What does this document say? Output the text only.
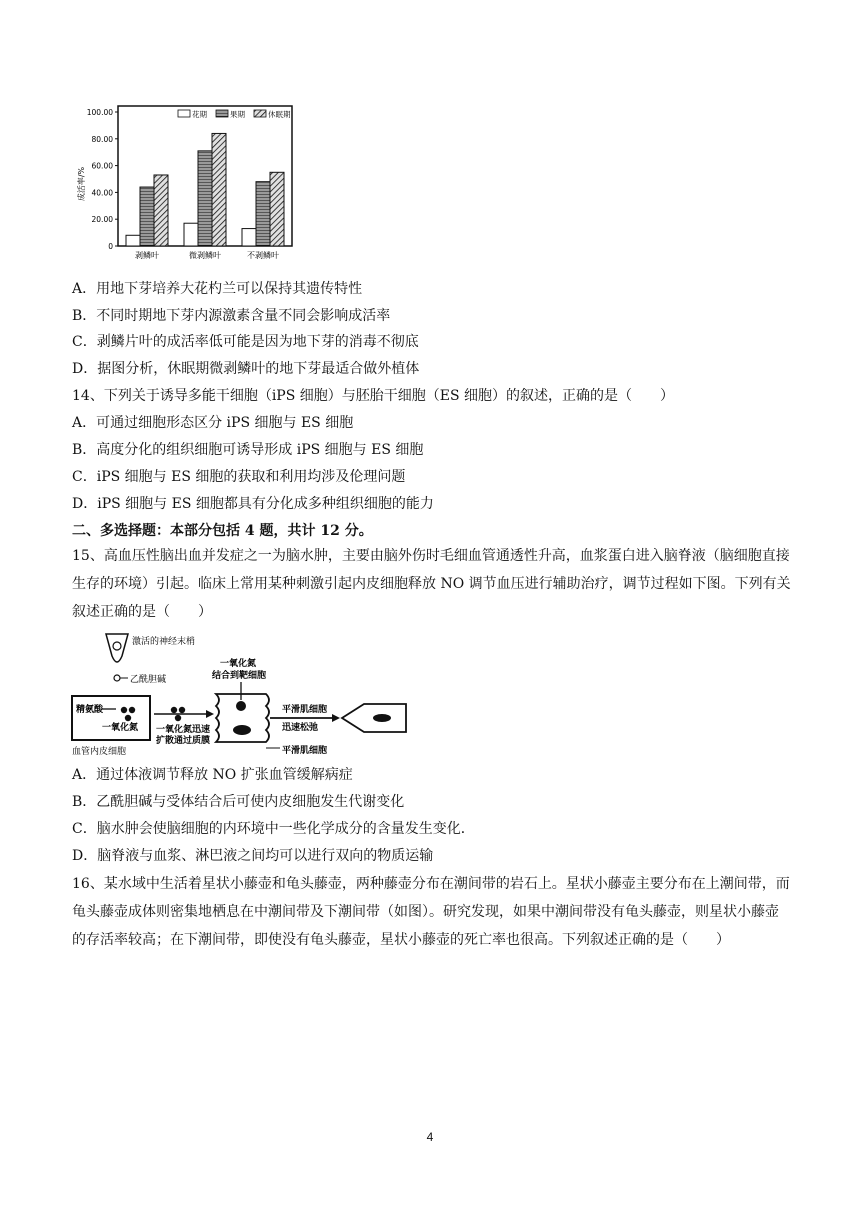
100.00
80.00
60.00
40.00
20.00
0
剥鳞叶	微剥鳞叶	不剥鳞叶
花期	果期	休眠期
成活率/%
A．用地下芽培养大花杓兰可以保持其遗传特性
B．不同时期地下芽内源激素含量不同会影响成活率
C．剥鳞片叶的成活率低可能是因为地下芽的消毒不彻底
D．据图分析，休眠期微剥鳞叶的地下芽最适合做外植体
14、下列关于诱导多能干细胞（iPS 细胞）与胚胎干细胞（ES 细胞）的叙述，正确的是（　　）
A．可通过细胞形态区分 iPS 细胞与 ES 细胞
B．高度分化的组织细胞可诱导形成 iPS 细胞与 ES 细胞
C．iPS 细胞与 ES 细胞的获取和利用均涉及伦理问题
D．iPS 细胞与 ES 细胞都具有分化成多种组织细胞的能力
二、多选择题：本部分包括 4 题，共计 12 分。
15、高血压性脑出血并发症之一为脑水肿，主要由脑外伤时毛细血管通透性升高，血浆蛋白进入脑脊液（脑细胞直接生存的环境）引起。临床上常用某种刺激引起内皮细胞释放 NO 调节血压进行辅助治疗，调节过程如下图。下列有关叙述正确的是（　　）
激活的神经末梢
乙酰胆碱
精氨酸
一氧化氮
血管内皮细胞
一氧化氮迅速
扩散通过质膜
一氧化氮
结合到靶细胞
平滑肌细胞
迅速松弛
平滑肌细胞
A．通过体液调节释放 NO 扩张血管缓解病症
B．乙酰胆碱与受体结合后可使内皮细胞发生代谢变化
C．脑水肿会使脑细胞的内环境中一些化学成分的含量发生变化．
D．脑脊液与血浆、淋巴液之间均可以进行双向的物质运输
16、某水域中生活着星状小藤壶和龟头藤壶，两种藤壶分布在潮间带的岩石上。星状小藤壶主要分布在上潮间带，而龟头藤壶成体则密集地栖息在中潮间带及下潮间带（如图）。研究发现，如果中潮间带没有龟头藤壶，则星状小藤壶的存活率较高；在下潮间带，即使没有龟头藤壶，星状小藤壶的死亡率也很高。下列叙述正确的是（　　）
4
